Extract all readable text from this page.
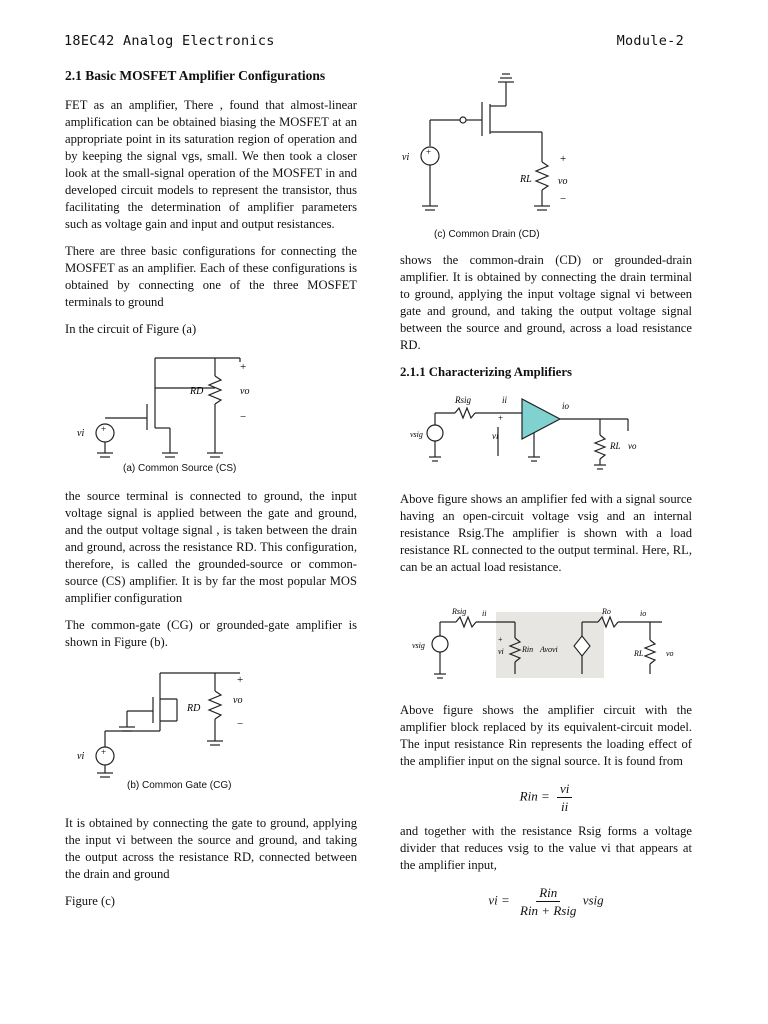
18EC42 Analog Electronics	Module-2
2.1 Basic MOSFET Amplifier Configurations

FET as an amplifier, There , found that almost-linear amplification can be obtained biasing the MOSFET at an appropriate point in its saturation region of operation and by keeping the signal vgs, small. We then took a closer look at the small-signal operation of the MOSFET in and developed circuit models to represent the transistor, thus facilitating the determination of amplifier parameters such as voltage gain and input and output resistances.

There are three basic configurations for connecting the MOSFET as an amplifier. Each of these configurations is obtained by connecting one of the three MOSFET terminals to ground

In the circuit of Figure (a)

+
vi
RD
+
vo
−
(a) Common Source (CS)

the source terminal is connected to ground, the input voltage signal is applied between the gate and ground, and the output voltage signal , is taken between the drain and ground, across the resistance RD. This configuration, therefore, is called the grounded-source or common-source (CS) amplifier. It is by far the most popular MOS amplifier configuration

The common-gate (CG) or grounded-gate amplifier is shown in Figure (b).

+
vi
RD
+
vo
−
(b) Common Gate (CG)

It is obtained by connecting the gate to ground, applying the input vi between the source and ground, and taking the output across the resistance RD, connected between the drain and ground

Figure (c)

+
vi
RL
+
vo
−
(c) Common Drain (CD)

shows the common-drain (CD) or grounded-drain amplifier. It is obtained by connecting the drain terminal to ground, applying the input voltage signal vi between gate and ground, and taking the output voltage signal between the source and ground, across a load resistance RD.

2.1.1 Characterizing Amplifiers
Rsig	ii
+
vi
io
RL vo
vsig

Above figure shows an amplifier fed with a signal source having an open-circuit voltage vsig and an internal resistance Rsig.The amplifier is shown with a load resistance RL connected to the output terminal. Here, RL, can be an actual load resistance.

Rsig ii
+
vi Rin Avovi
Ro	io
RL	vo
vsig

Above figure shows the amplifier circuit with the amplifier block replaced by its equivalent-circuit model. The input resistance Rin represents the loading effect of the amplifier input on the signal source. It is found from

Rin = $\frac{vi}{ii}$

and together with the resistance Rsig forms a voltage divider that reduces vsig to the value vi that appears at the amplifier input,

vi = $\frac{\text{Rin}}{\text{Rin + Rsig}}$ vsig
